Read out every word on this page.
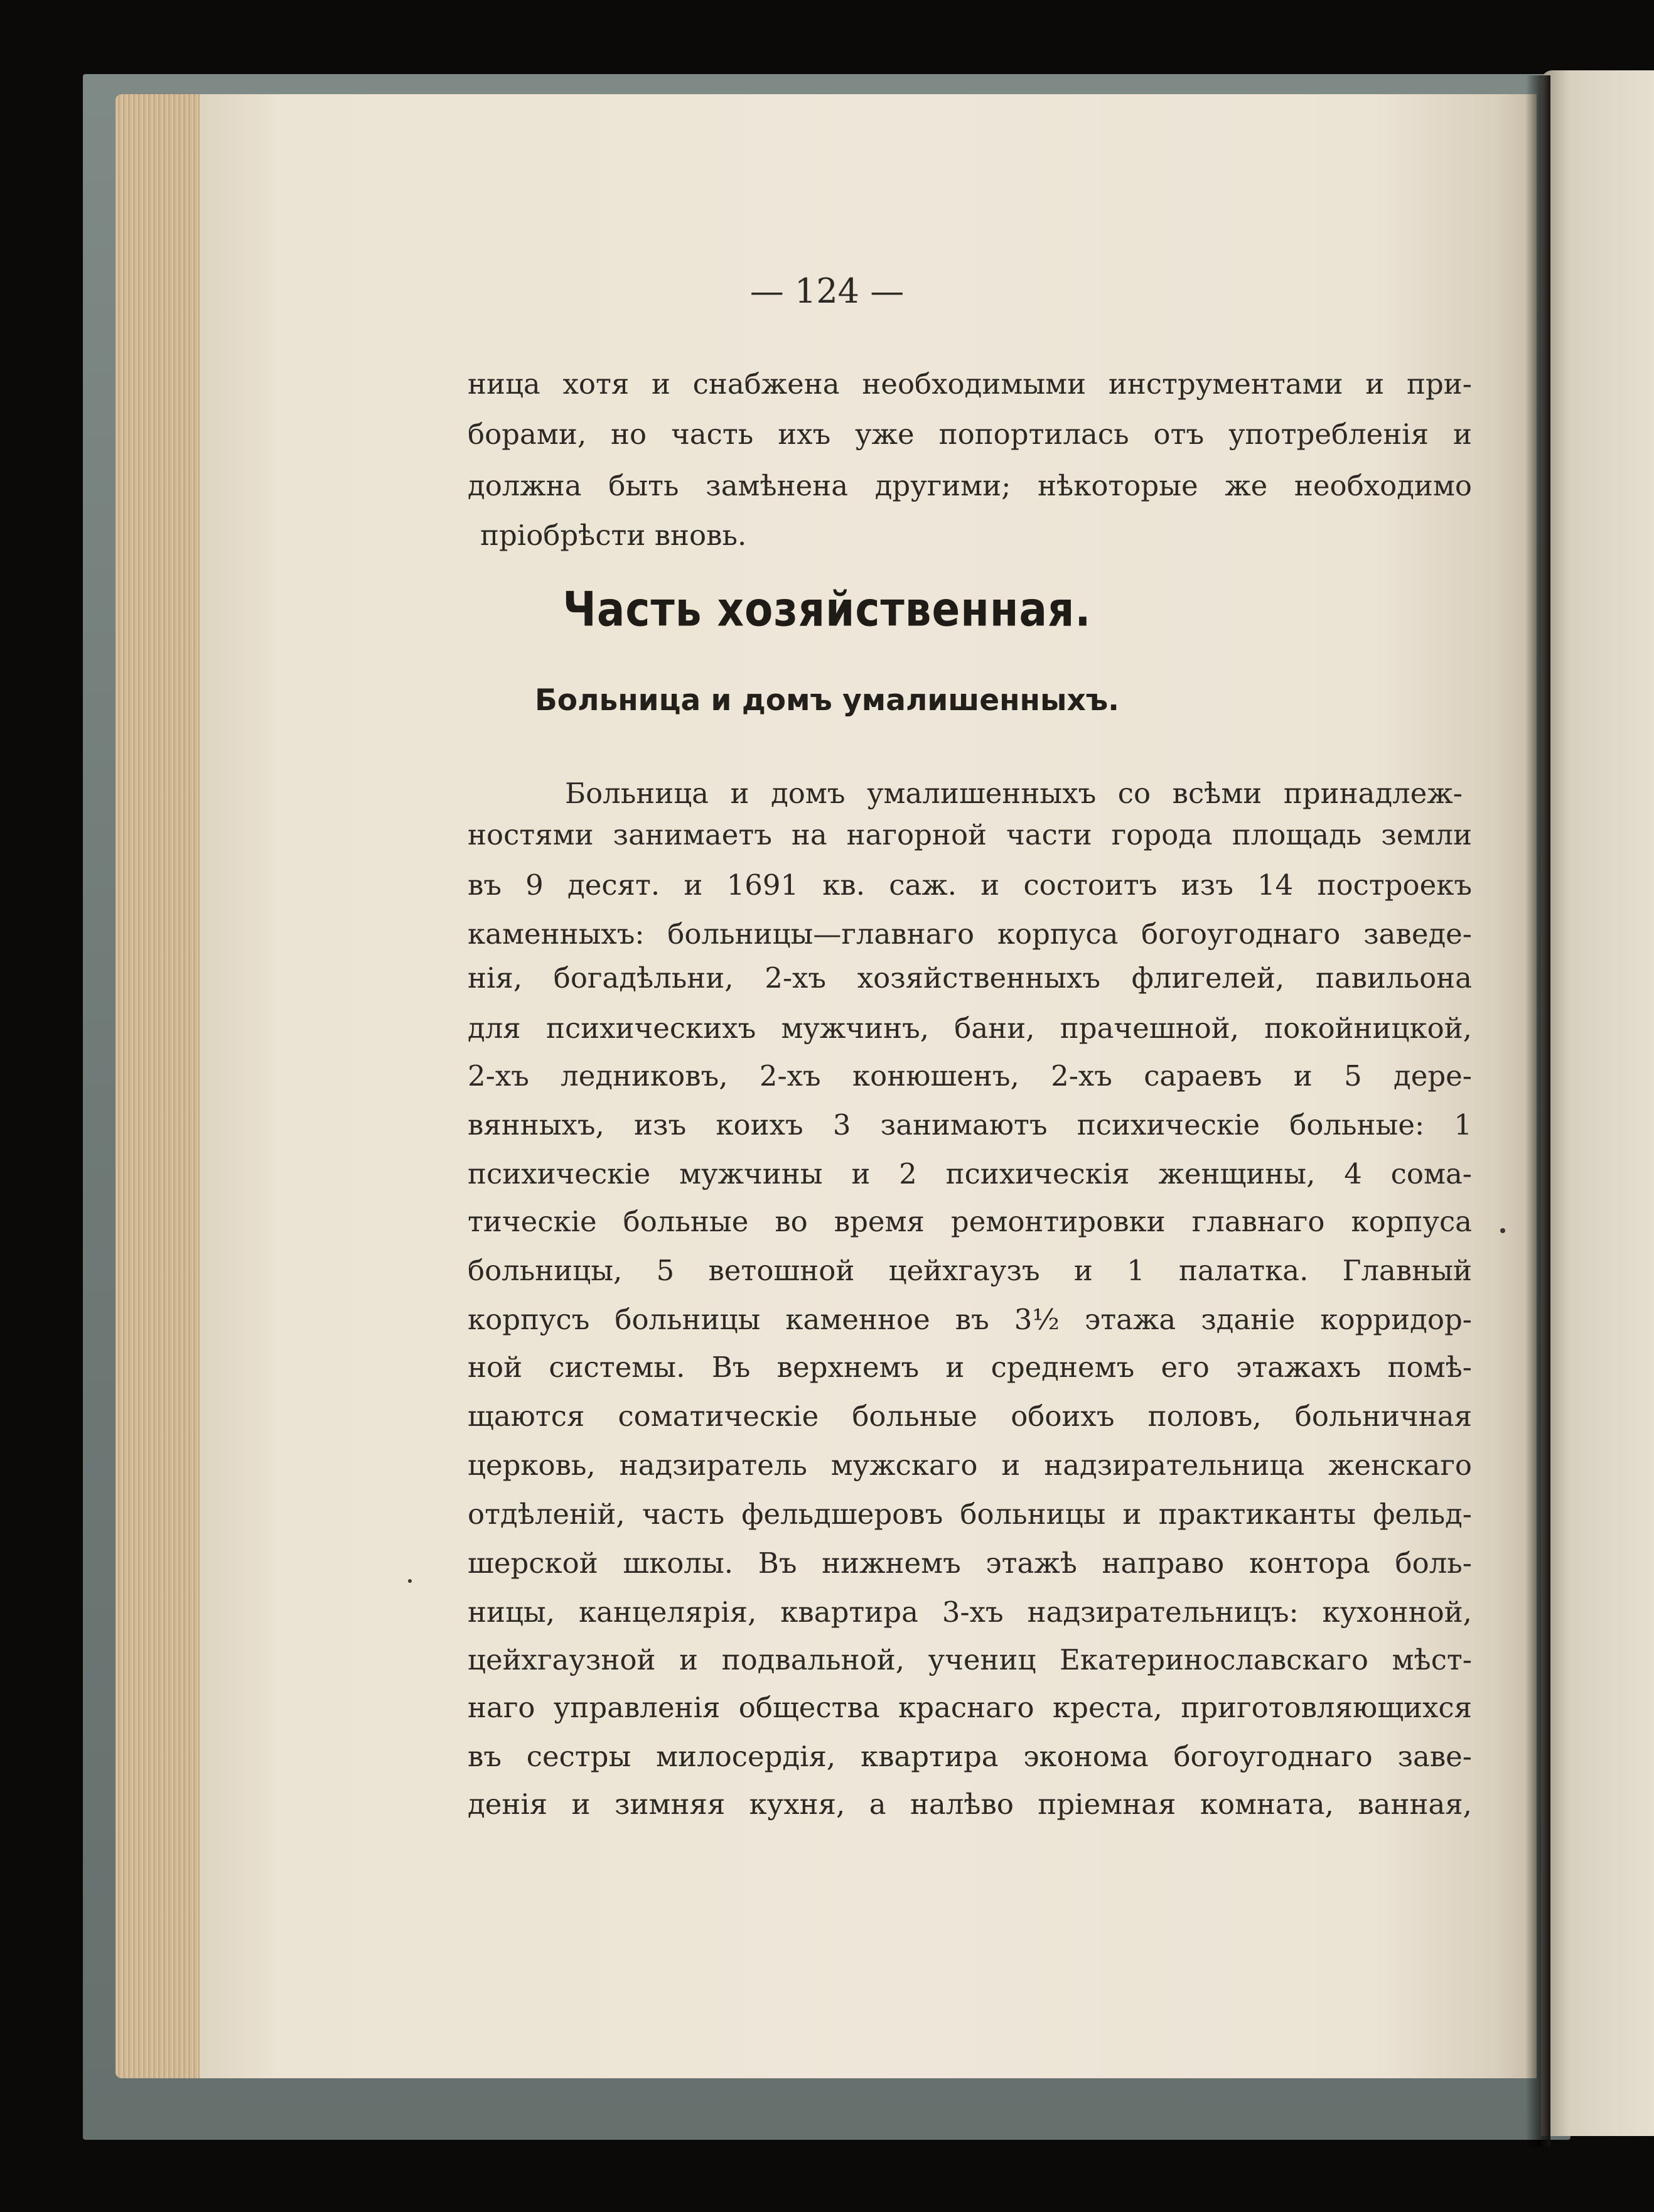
— 124 —
ница хотя и снабжена необходимыми инструментами и при-
борами, но часть ихъ уже попортилась отъ употребленія и
должна быть замѣнена другими; нѣкоторые же необходимо
пріобрѣсти вновь.
Часть хозяйственная.
Больница и домъ умалишенныхъ.
Больница и домъ умалишенныхъ со всѣми принадлеж-
ностями занимаетъ на нагорной части города площадь земли
въ 9 десят. и 1691 кв. саж. и состоитъ изъ 14 построекъ
каменныхъ: больницы—главнаго корпуса богоугоднаго заведе-
нія, богадѣльни, 2-хъ хозяйственныхъ флигелей, павильона
для психическихъ мужчинъ, бани, прачешной, покойницкой,
2-хъ ледниковъ, 2-хъ конюшенъ, 2-хъ сараевъ и 5 дере-
вянныхъ, изъ коихъ 3 занимаютъ психическіе больные: 1
психическіе мужчины и 2 психическія женщины, 4 сома-
тическіе больные во время ремонтировки главнаго корпуса
больницы, 5 ветошной цейхгаузъ и 1 палатка. Главный
корпусъ больницы каменное въ 3½ этажа зданіе корридор-
ной системы. Въ верхнемъ и среднемъ его этажахъ помѣ-
щаются соматическіе больные обоихъ половъ, больничная
церковь, надзиратель мужскаго и надзирательница женскаго
отдѣленій, часть фельдшеровъ больницы и практиканты фельд-
шерской школы. Въ нижнемъ этажѣ направо контора боль-
ницы, канцелярія, квартира 3-хъ надзирательницъ: кухонной,
цейхгаузной и подвальной, учениц Екатеринославскаго мѣст-
наго управленія общества краснаго креста, приготовляющихся
въ сестры милосердія, квартира эконома богоугоднаго заве-
денія и зимняя кухня, а налѣво пріемная комната, ванная,
